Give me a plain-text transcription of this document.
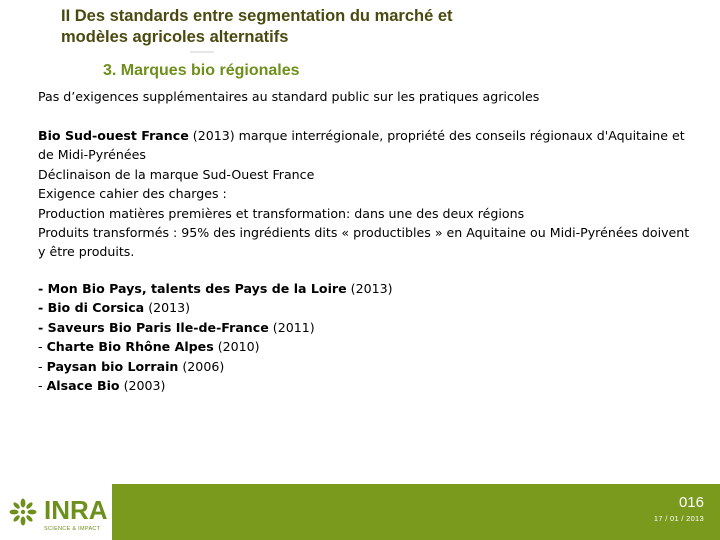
II Des standards entre segmentation du marché et
modèles agricoles alternatifs
3. Marques bio régionales
Pas d’exigences supplémentaires au standard public sur les pratiques agricoles

Bio Sud-ouest France (2013) marque interrégionale, propriété des conseils régionaux d'Aquitaine et de Midi-Pyrénées

Déclinaison de la marque Sud-Ouest France

Exigence cahier des charges :

Production matières premières et transformation: dans une des deux régions

Produits transformés : 95% des ingrédients dits « productibles » en Aquitaine ou Midi-Pyrénées doivent y être produits.

- Mon Bio Pays, talents des Pays de la Loire (2013)
- Bio di Corsica (2013)
- Saveurs Bio Paris Ile-de-France (2011)
- Charte Bio Rhône Alpes (2010)
- Paysan bio Lorrain (2006)
- Alsace Bio (2003)
INRA
SCIENCE & IMPACT
016
17 / 01 / 2013
